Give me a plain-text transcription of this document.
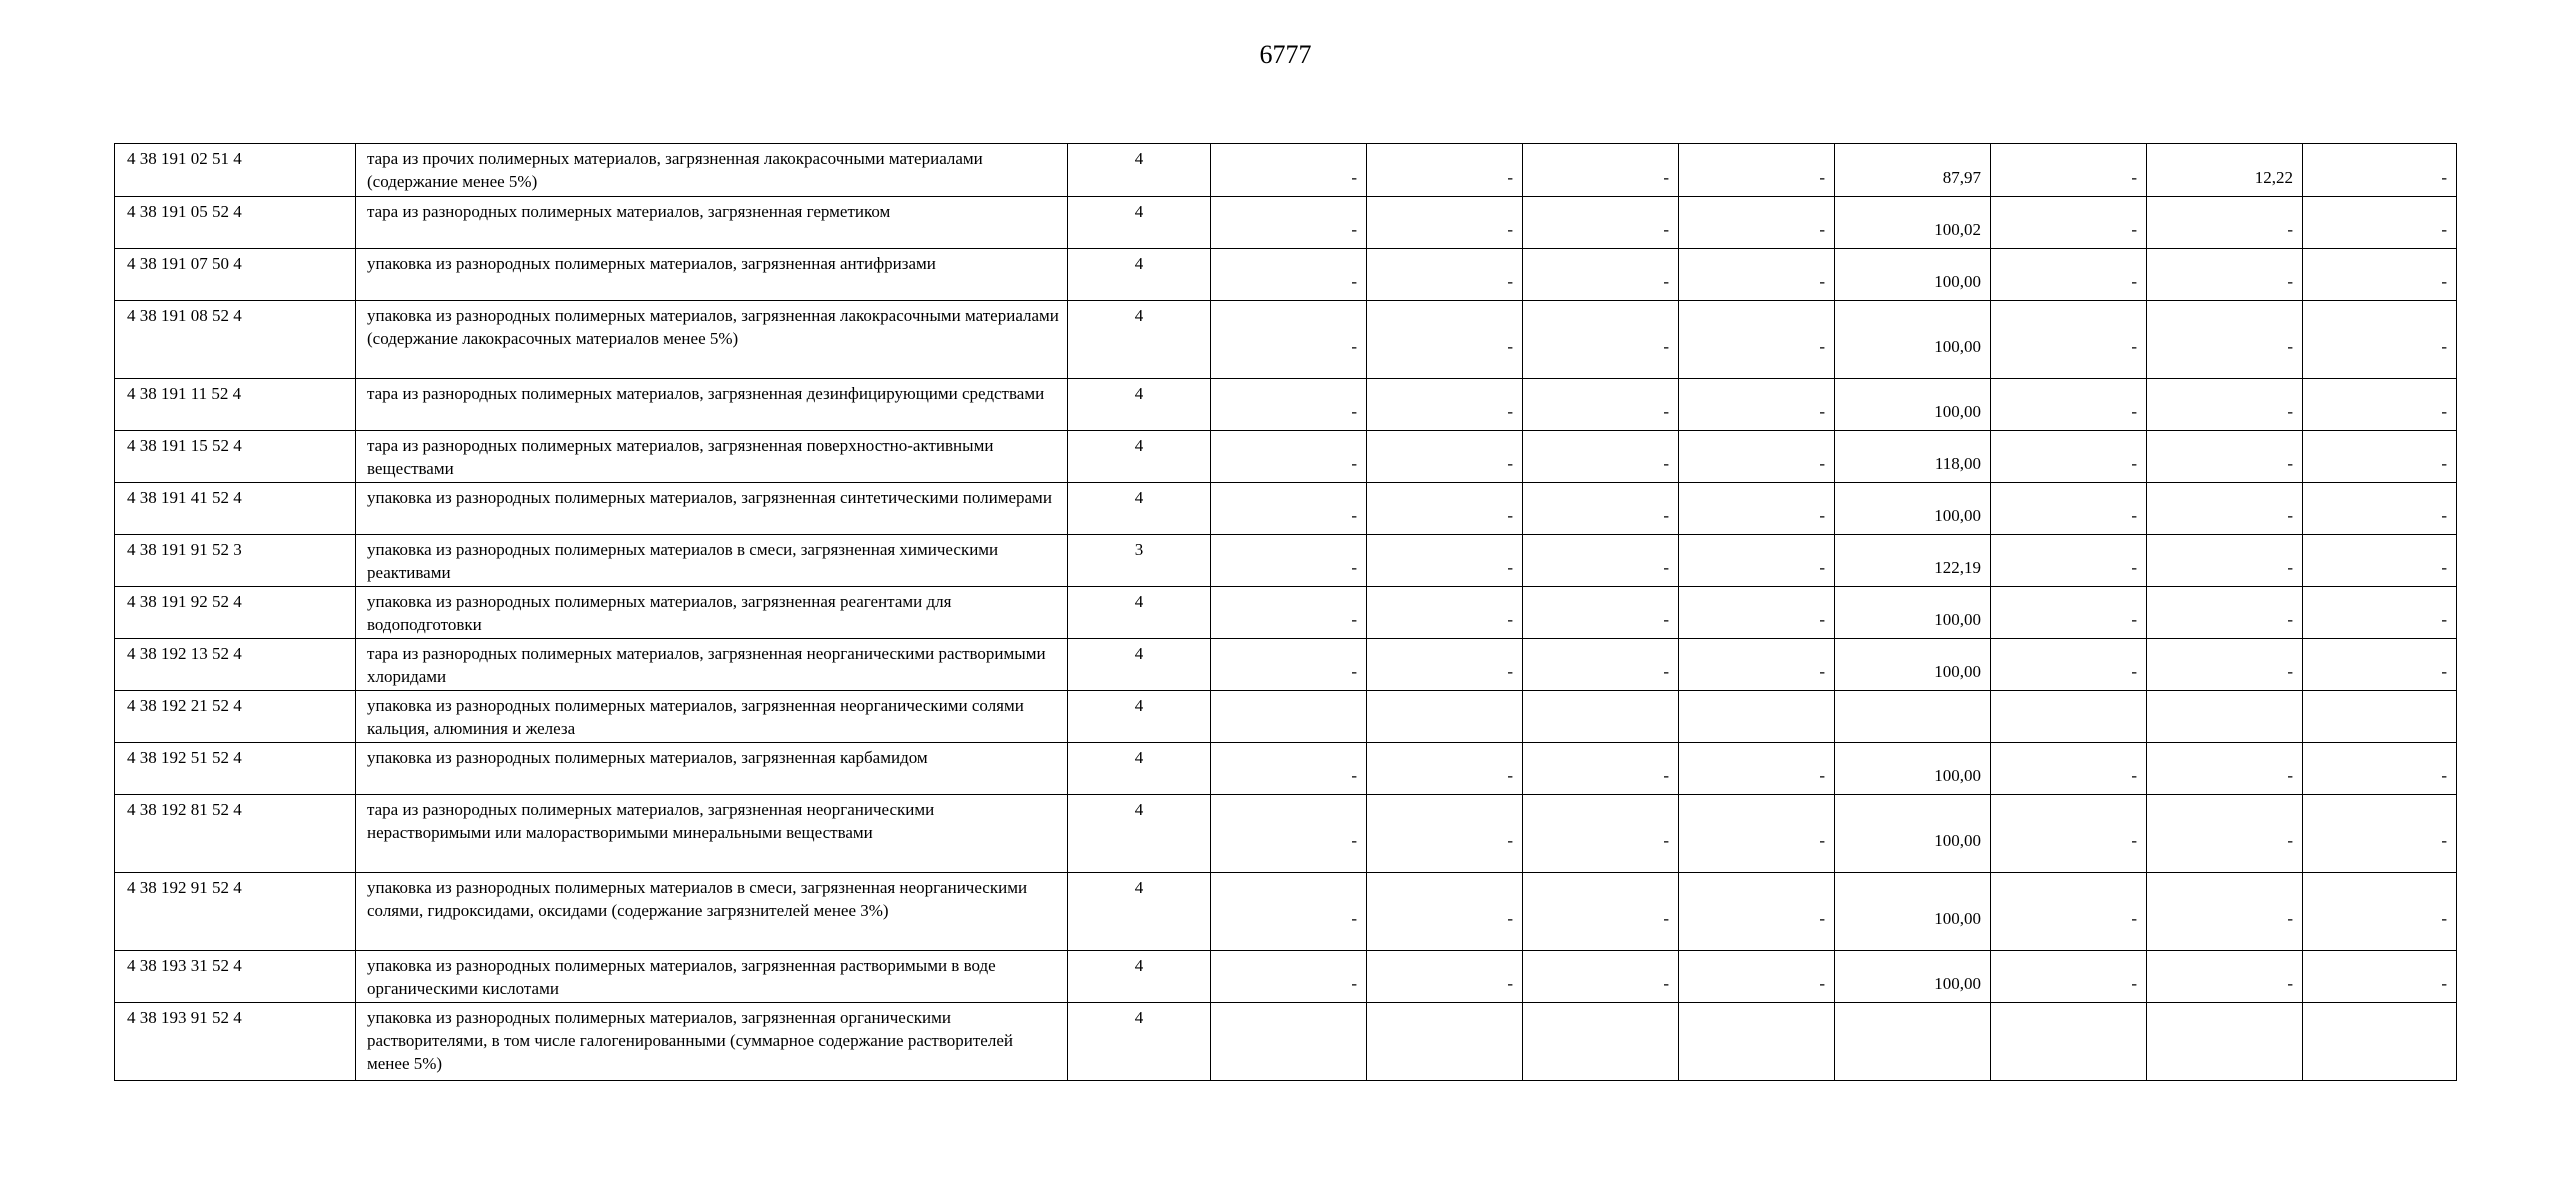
6777
4 38 191 02 51 4	тара из прочих полимерных материалов, загрязненная лакокрасочными материалами (содержание менее 5%)	4	-	-	-	-	87,97	-	12,22	-
4 38 191 05 52 4	тара из разнородных полимерных материалов, загрязненная герметиком	4	-	-	-	-	100,02	-	-	-
4 38 191 07 50 4	упаковка из разнородных полимерных материалов, загрязненная антифризами	4	-	-	-	-	100,00	-	-	-
4 38 191 08 52 4	упаковка из разнородных полимерных материалов, загрязненная лакокрасочными материалами (содержание лакокрасочных материалов менее 5%)	4	-	-	-	-	100,00	-	-	-
4 38 191 11 52 4	тара из разнородных полимерных материалов, загрязненная дезинфицирующими средствами	4	-	-	-	-	100,00	-	-	-
4 38 191 15 52 4	тара из разнородных полимерных материалов, загрязненная поверхностно-активными веществами	4	-	-	-	-	118,00	-	-	-
4 38 191 41 52 4	упаковка из разнородных полимерных материалов, загрязненная синтетическими полимерами	4	-	-	-	-	100,00	-	-	-
4 38 191 91 52 3	упаковка из разнородных полимерных материалов в смеси, загрязненная химическими реактивами	3	-	-	-	-	122,19	-	-	-
4 38 191 92 52 4	упаковка из разнородных полимерных материалов, загрязненная реагентами для водоподготовки	4	-	-	-	-	100,00	-	-	-
4 38 192 13 52 4	тара из разнородных полимерных материалов, загрязненная неорганическими растворимыми хлоридами	4	-	-	-	-	100,00	-	-	-
4 38 192 21 52 4	упаковка из разнородных полимерных материалов, загрязненная неорганическими солями кальция, алюминия и железа	4								
4 38 192 51 52 4	упаковка из разнородных полимерных материалов, загрязненная карбамидом	4	-	-	-	-	100,00	-	-	-
4 38 192 81 52 4	тара из разнородных полимерных материалов, загрязненная неорганическими нерастворимыми или малорастворимыми минеральными веществами	4	-	-	-	-	100,00	-	-	-
4 38 192 91 52 4	упаковка из разнородных полимерных материалов в смеси, загрязненная неорганическими солями, гидроксидами, оксидами (содержание загрязнителей менее 3%)	4	-	-	-	-	100,00	-	-	-
4 38 193 31 52 4	упаковка из разнородных полимерных материалов, загрязненная растворимыми в воде органическими кислотами	4	-	-	-	-	100,00	-	-	-
4 38 193 91 52 4	упаковка из разнородных полимерных материалов, загрязненная органическими растворителями, в том числе галогенированными (суммарное содержание растворителей менее 5%)	4								
